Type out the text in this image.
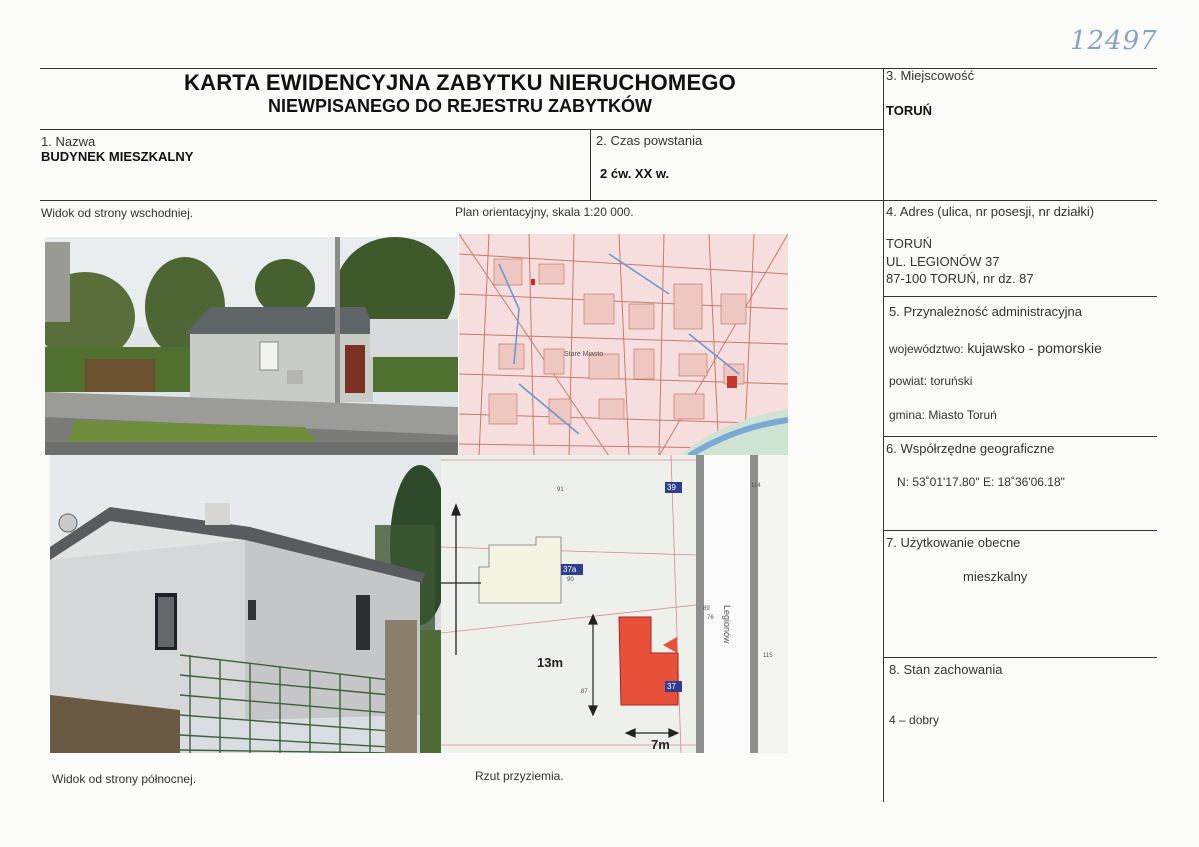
12497
KARTA EWIDENCYJNA ZABYTKU NIERUCHOMEGO
NIEWPISANEGO DO REJESTRU ZABYTKÓW
1. Nazwa
BUDYNEK MIESZKALNY
2. Czas powstania
2 ćw. XX w.
3. Miejscowość
TORUŃ
4. Adres (ulica, nr posesji, nr działki)
TORUŃ
UL. LEGIONÓW 37
87-100 TORUŃ, nr dz. 87
5. Przynależność administracyjna
województwo: kujawsko - pomorskie
powiat: toruński
gmina: Miasto Toruń
6. Współrzędne geograficzne
N: 53˚01'17.80" E: 18˚36'06.18"
7. Użytkowanie obecne
mieszkalny
8. Stan zachowania
4 – dobry
Widok od strony wschodniej.	Plan orientacyjny, skala 1:20 000.
Widok od strony północnej.	Rzut przyziemia.
Stare Miasto
Legionów
39
37a
37
91
90
89
87
114
115
76
13m
7m
